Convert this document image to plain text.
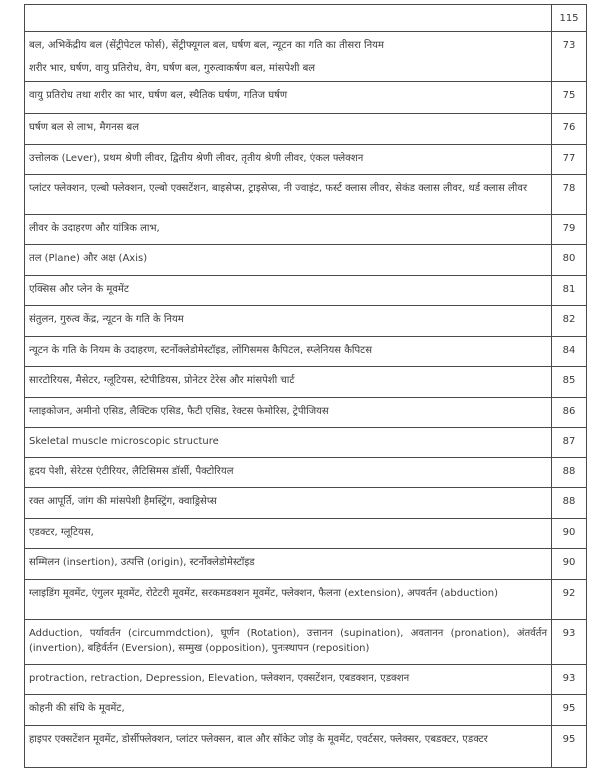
	115

बल, अभिकेंद्रीय बल (सेंट्रीपेटल फोर्स), सेंट्रीफ्यूगल बल, घर्षण बल, न्यूटन का गति का तीसरा नियम
शरीर भार, घर्षण, वायु प्रतिरोध, वेग, घर्षण बल, गुरुत्वाकर्षण बल, मांसपेशी बल	73

वायु प्रतिरोध तथा शरीर का भार, घर्षण बल, स्थैतिक घर्षण, गतिज घर्षण	75

घर्षण बल से लाभ, मैगनस बल	76

उत्तोलक (Lever), प्रथम श्रेणी लीवर, द्वितीय श्रेणी लीवर, तृतीय श्रेणी लीवर, एंकल फ्लेक्शन	77

प्लांटर फ्लेक्शन, एल्बो फ्लेक्शन, एल्बो एक्सटेंशन, बाइसेप्स, ट्राइसेप्स, नी ज्वाइंट, फर्स्ट क्लास लीवर, सेकंड क्लास लीवर, थर्ड क्लास लीवर	78

लीवर के उदाहरण और यांत्रिक लाभ,	79

तल (Plane) और अक्ष (Axis)	80

एक्सिस और प्लेन के मूवमेंट	81

संतुलन, गुरुत्व केंद्र, न्यूटन के गति के नियम	82

न्यूटन के गति के नियम के उदाहरण, स्टर्नोक्लेडोमेस्टॉइड, लोंगिसमस कैपिटल, स्प्लेनियस कैपिटस	84

सारटोरियस, मैसेटर, ग्लूटियस, स्टेपीडियस, प्रोनेटर टेरेस और मांसपेशी चार्ट	85

ग्लाइकोजन, अमीनो एसिड, लैक्टिक एसिड, फैटी एसिड, रेक्टस फेमोरिस, ट्रेपीजियस	86

Skeletal muscle microscopic structure	87

हृदय पेशी, सेरेटस एंटीरियर, लैटिसिमस डॉर्सी, पैक्टोरियल	88

रक्त आपूर्ति, जांग की मांसपेशी हैमस्ट्रिंग, क्वाड्रिसेप्स	88

एडक्टर, ग्लूटियस,	90

सम्मिलन (insertion), उत्पत्ति (origin), स्टर्नोक्लेडोमेस्टॉइड	90

ग्लाइडिंग मूवमेंट, एंगुलर मूवमेंट, रोटेटरी मूवमेंट, सरकमडक्शन मूवमेंट, फ्लेक्शन, फैलना (extension), अपवर्तन (abduction)	92

Adduction, पर्यावर्तन (circummdction), घूर्णन (Rotation), उत्तानन (supination), अवतानन (pronation), अंतर्वर्तन (invertion), बहिर्वर्तन (Eversion), सम्मुख (opposition), पुनःस्थापन (reposition)	93

protraction, retraction, Depression, Elevation, फ्लेक्शन, एक्सटेंशन, एबडक्शन, एडक्शन	93

कोहनी की संधि के मूवमेंट,	95

हाइपर एक्सटेंशन मूवमेंट, डोर्सीफ्लेक्शन, प्लांटर फ्लेक्सन, बाल और सॉकेट जोड़ के मूवमेंट, एवर्टसर, फ्लेक्सर, एबडक्टर, एडक्टर	95
